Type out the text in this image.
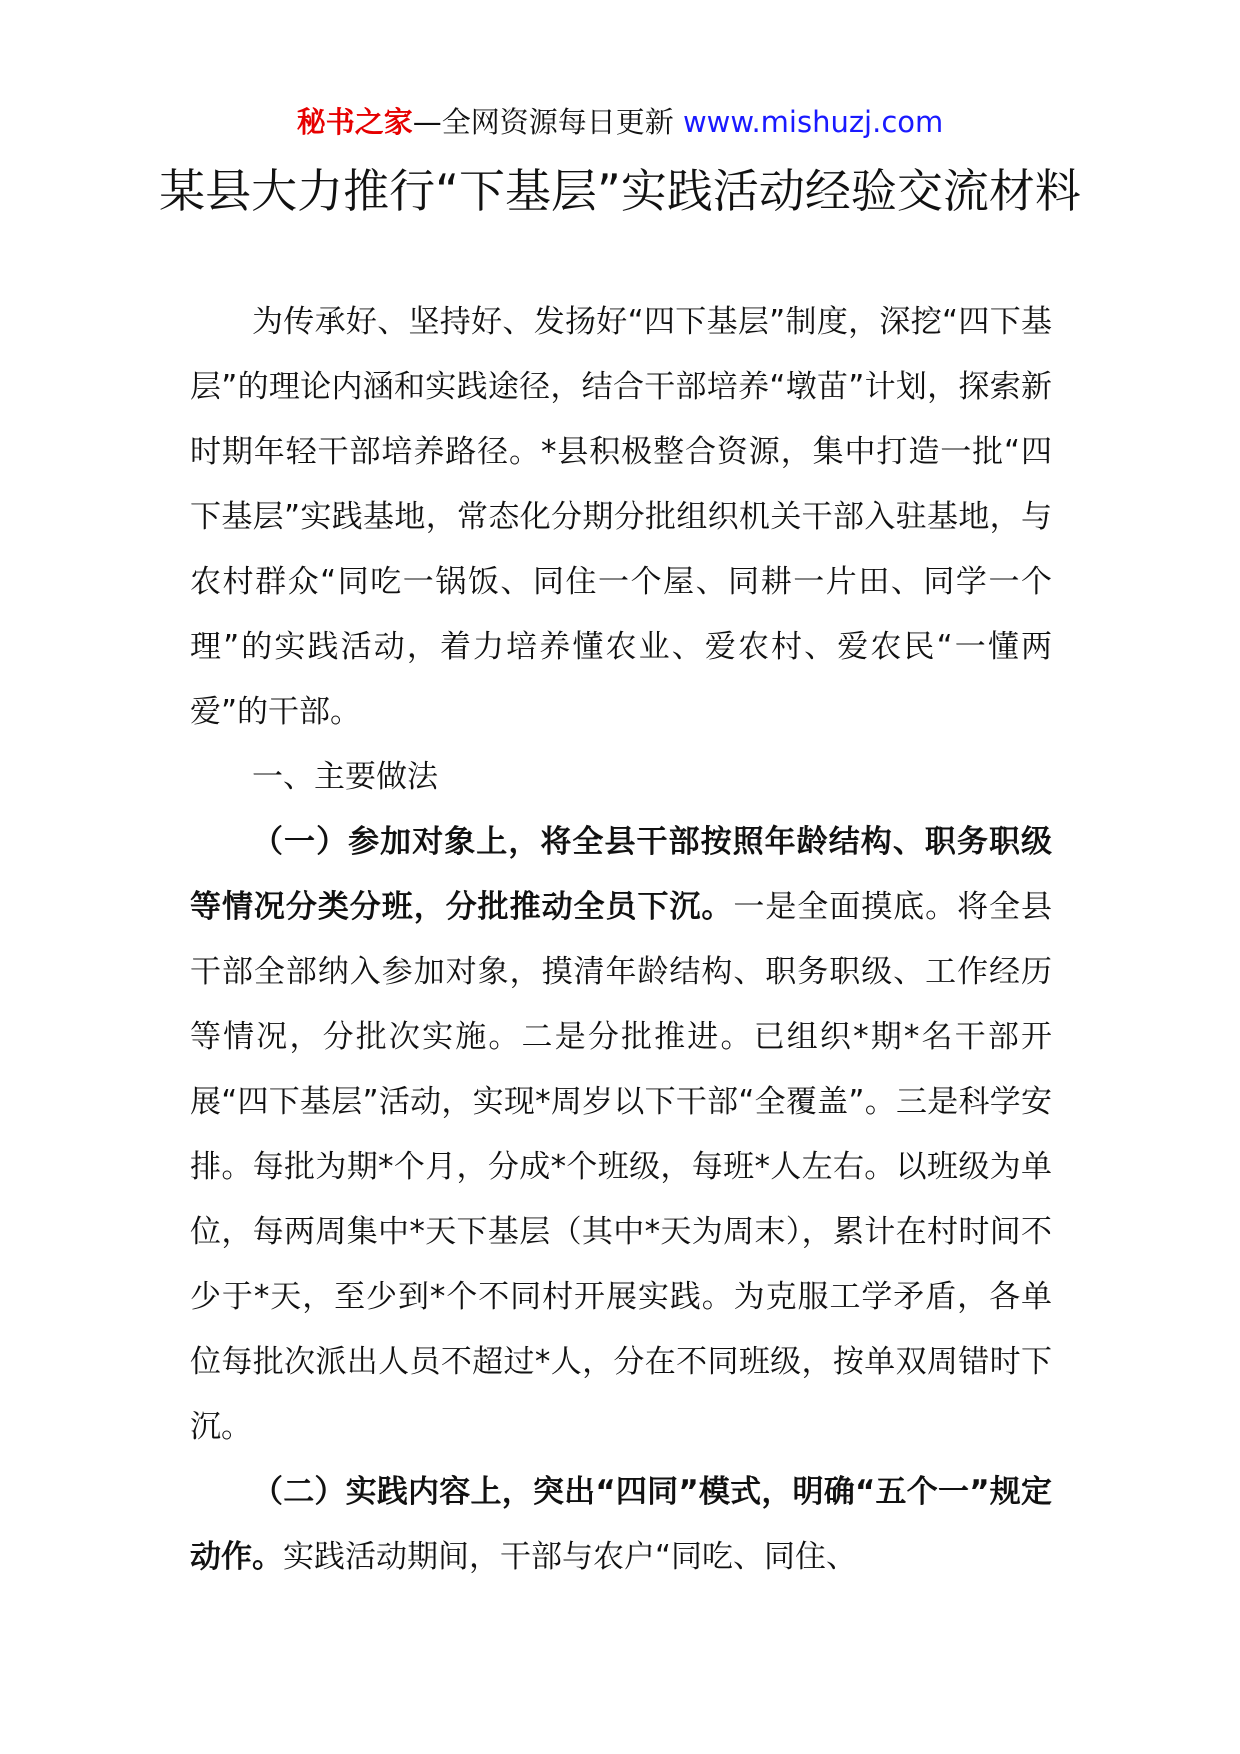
秘书之家—全网资源每日更新 www.mishuzj.com
某县大力推行“下基层”实践活动经验交流材料

为传承好、坚持好、发扬好“四下基层”制度，深挖“四下基层”的理论内涵和实践途径，结合干部培养“墩苗”计划，探索新时期年轻干部培养路径。*县积极整合资源，集中打造一批“四下基层”实践基地，常态化分期分批组织机关干部入驻基地，与农村群众“同吃一锅饭、同住一个屋、同耕一片田、同学一个理”的实践活动，着力培养懂农业、爱农村、爱农民“一懂两爱”的干部。

一、主要做法

（一）参加对象上，将全县干部按照年龄结构、职务职级等情况分类分班，分批推动全员下沉。一是全面摸底。将全县干部全部纳入参加对象，摸清年龄结构、职务职级、工作经历等情况，分批次实施。二是分批推进。已组织*期*名干部开展“四下基层”活动，实现*周岁以下干部“全覆盖”。三是科学安排。每批为期*个月，分成*个班级，每班*人左右。以班级为单位，每两周集中*天下基层（其中*天为周末），累计在村时间不少于*天，至少到*个不同村开展实践。为克服工学矛盾，各单位每批次派出人员不超过*人，分在不同班级，按单双周错时下沉。

（二）实践内容上，突出“四同”模式，明确“五个一”规定动作。实践活动期间，干部与农户“同吃、同住、
